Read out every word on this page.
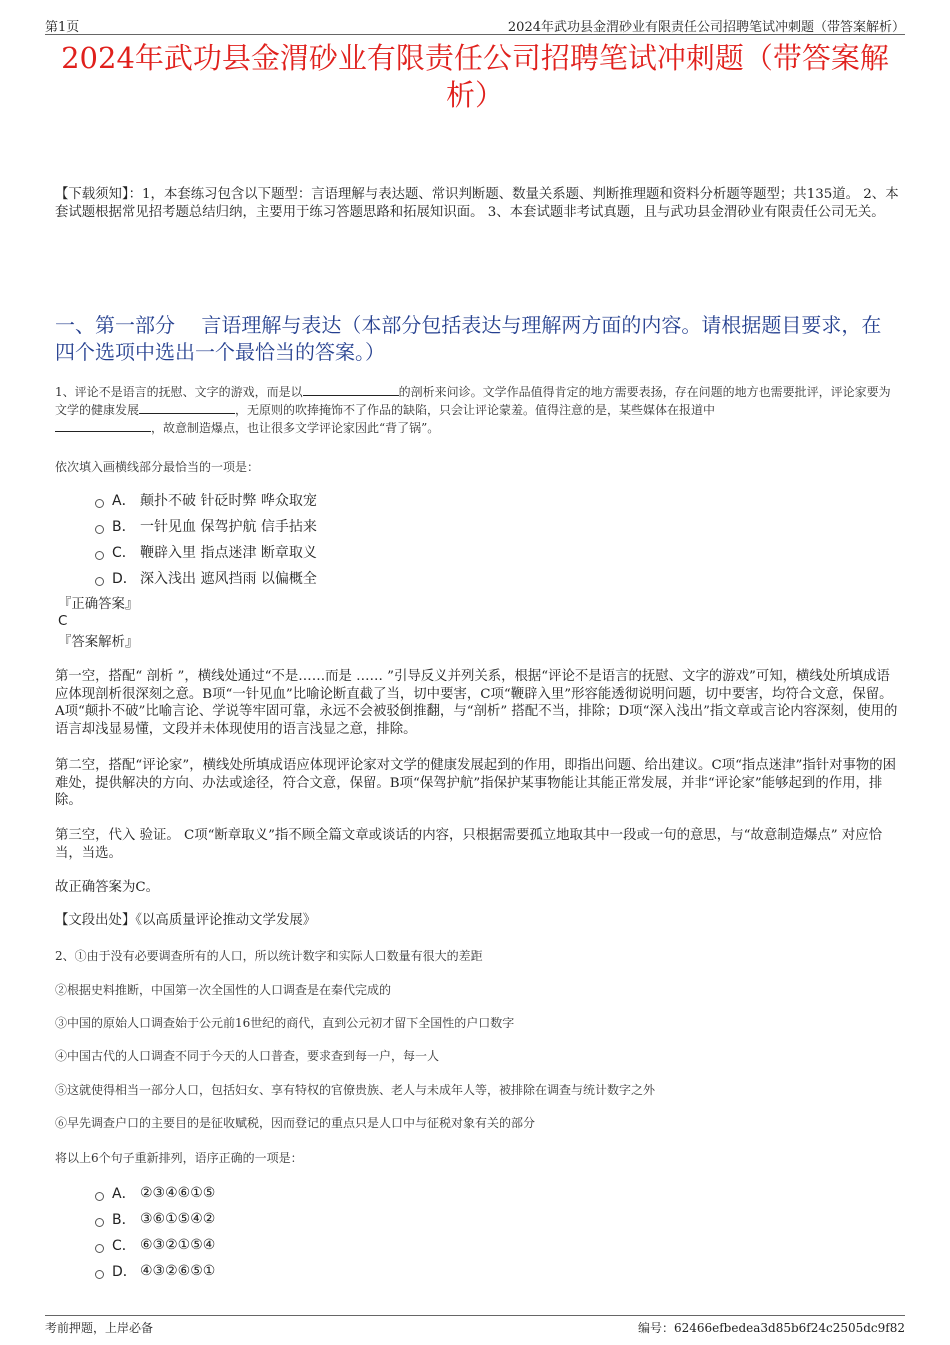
第1页	2024年武功县金渭砂业有限责任公司招聘笔试冲刺题（带答案解析）
2024年武功县金渭砂业有限责任公司招聘笔试冲刺题（带答案解析）
【下载须知】：1，本套练习包含以下题型：言语理解与表达题、常识判断题、数量关系题、判断推理题和资料分析题等题型；共135道。 2、本套试题根据常见招考题总结归纳，主要用于练习答题思路和拓展知识面。 3、本套试题非考试真题，且与武功县金渭砂业有限责任公司无关。
一、第一部分　 言语理解与表达（本部分包括表达与理解两方面的内容。请根据题目要求，在四个选项中选出一个最恰当的答案。）
1、评论不是语言的抚慰、文字的游戏，而是以	的剖析来问诊。文学作品值得肯定的地方需要表扬，存在问题的地方也需要批评，评论家要为文学的健康发展	，无原则的吹捧掩饰不了作品的缺陷，只会让评论蒙羞。值得注意的是，某些媒体在报道中
，故意制造爆点，也让很多文学评论家因此“背了锅”。
依次填入画横线部分最恰当的一项是：
A． 颠扑不破 针砭时弊 哗众取宠
B． 一针见血 保驾护航 信手拈来
C． 鞭辟入里 指点迷津 断章取义
D． 深入浅出 遮风挡雨 以偏概全
『正确答案』
C
『答案解析』
第一空，搭配“ 剖析 ”，横线处通过“不是……而是 …… ”引导反义并列关系，根据“评论不是语言的抚慰、文字的游戏”可知，横线处所填成语应体现剖析很深刻之意。B项“一针见血”比喻论断直截了当，切中要害，C项“鞭辟入里”形容能透彻说明问题，切中要害，均符合文意，保留。A项“颠扑不破”比喻言论、学说等牢固可靠，永远不会被驳倒推翻，与“剖析” 搭配不当，排除；D项“深入浅出”指文章或言论内容深刻，使用的语言却浅显易懂，文段并未体现使用的语言浅显之意，排除。
第二空，搭配“评论家”，横线处所填成语应体现评论家对文学的健康发展起到的作用，即指出问题、给出建议。C项“指点迷津”指针对事物的困难处，提供解决的方向、办法或途径，符合文意，保留。B项“保驾护航”指保护某事物能让其能正常发展，并非“评论家”能够起到的作用，排除。
第三空，代入 验证。 C项“断章取义”指不顾全篇文章或谈话的内容，只根据需要孤立地取其中一段或一句的意思，与“故意制造爆点” 对应恰当，当选。
故正确答案为C。
【文段出处】《以高质量评论推动文学发展》
2、①由于没有必要调查所有的人口，所以统计数字和实际人口数量有很大的差距
②根据史料推断，中国第一次全国性的人口调查是在秦代完成的
③中国的原始人口调查始于公元前16世纪的商代，直到公元初才留下全国性的户口数字
④中国古代的人口调查不同于今天的人口普查，要求查到每一户，每一人
⑤这就使得相当一部分人口，包括妇女、享有特权的官僚贵族、老人与未成年人等，被排除在调查与统计数字之外
⑥早先调查户口的主要目的是征收赋税，因而登记的重点只是人口中与征税对象有关的部分
将以上6个句子重新排列，语序正确的一项是：
A． ②③④⑥①⑤
B． ③⑥①⑤④②
C． ⑥③②①⑤④
D． ④③②⑥⑤①
考前押题，上岸必备	编号：62466efbedea3d85b6f24c2505dc9f82
